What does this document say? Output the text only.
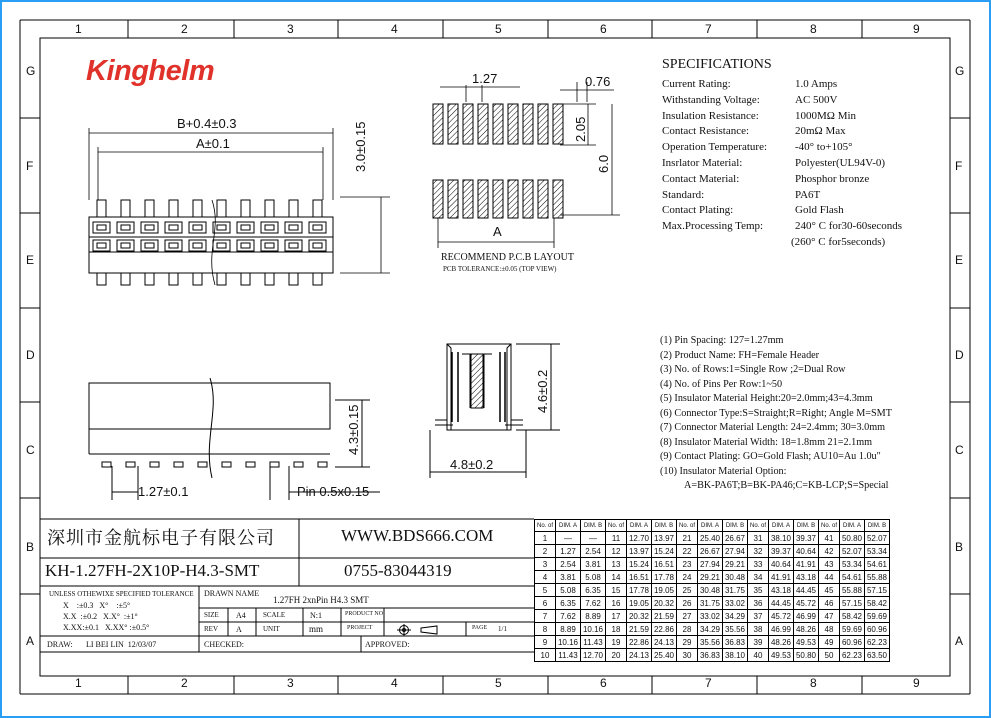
1	2	3	4	5	6	7	8	9
1	2	3	4	5	6	7	8	9
G
F
E
D
C
B
A
G
F
E
D
C
B
A
Kinghelm
B+0.4±0.3
A±0.1	3.0±0.15
1.27	0.76
2.05
6.0
A
RECOMMEND P.C.B LAYOUT
PCB TOLERANCE:±0.05 (TOP VIEW)
4.6±0.2
4.8±0.2
4.3±0.15
1.27±0.1	Pin 0.5x0.15
SPECIFICATIONS
Current Rating:	1.0 Amps
Withstanding Voltage:	AC 500V
Insulation Resistance:	1000MΩ Min
Contact Resistance:	20mΩ Max
Operation Temperature:	-40° to+105°
Insrlator Material:	Polyester(UL94V-0)
Contact Material:	Phosphor bronze
Standard:	PA6T
Contact Plating:	Gold Flash
Max.Processing Temp:	240° C for30-60seconds
(260° C for5seconds)
(1) Pin Spacing: 127=1.27mm
(2) Product Name: FH=Female Header
(3) No. of Rows:1=Single Row ;2=Dual Row
(4) No. of Pins Per Row:1~50
(5) Insulator Material Height:20=2.0mm;43=4.3mm
(6) Connector Type:S=Straight;R=Right; Angle M=SMT
(7) Connector Material Length: 24=2.4mm; 30=3.0mm
(8) Insulator Material Width: 18=1.8mm 21=2.1mm
(9) Contact Plating: GO=Gold Flash; AU10=Au 1.0u"
(10) Insulator Material Option:
A=BK-PA6T;B=BK-PA46;C=KB-LCP;S=Special
深圳市金航标电子有限公司	WWW.BDS666.COM
KH-1.27FH-2X10P-H4.3-SMT	0755-83044319
UNLESS OTHEWIXE SPECIFIED TOLERANCE
X    :±0.3   X°    :±5°
X.X  :±0.2   X.X°  :±1°
X.XX:±0.1   X.XX° :±0.5°
DRAWN NAME
1.27FH 2xnPin H4.3 SMT
SIZE A4 SCALE	N:1	PRODUCT NO.
REV A	UNIT	mm	PROJECT	PAGE 1/1
DRAW: LI BEI LIN  12/03/07	CHECKED:	APPROVED:
No. of	DIM. A	DIM. B	No. of	DIM. A	DIM. B	No. of	DIM. A	DIM. B	No. of	DIM. A	DIM. B	No. of	DIM. A	DIM. B
1	—	—	11	12.70	13.97	21	25.40	26.67	31	38.10	39.37	41	50.80	52.07
2	1.27	2.54	12	13.97	15.24	22	26.67	27.94	32	39.37	40.64	42	52.07	53.34
3	2.54	3.81	13	15.24	16.51	23	27.94	29.21	33	40.64	41.91	43	53.34	54.61
4	3.81	5.08	14	16.51	17.78	24	29.21	30.48	34	41.91	43.18	44	54.61	55.88
5	5.08	6.35	15	17.78	19.05	25	30.48	31.75	35	43.18	44.45	45	55.88	57.15
6	6.35	7.62	16	19.05	20.32	26	31.75	33.02	36	44.45	45.72	46	57.15	58.42
7	7.62	8.89	17	20.32	21.59	27	33.02	34.29	37	45.72	46.99	47	58.42	59.69
8	8.89	10.16	18	21.59	22.86	28	34.29	35.56	38	46.99	48.26	48	59.69	60.96
9	10.16	11.43	19	22.86	24.13	29	35.56	36.83	39	48.26	49.53	49	60.96	62.23
10	11.43	12.70	20	24.13	25.40	30	36.83	38.10	40	49.53	50.80	50	62.23	63.50
